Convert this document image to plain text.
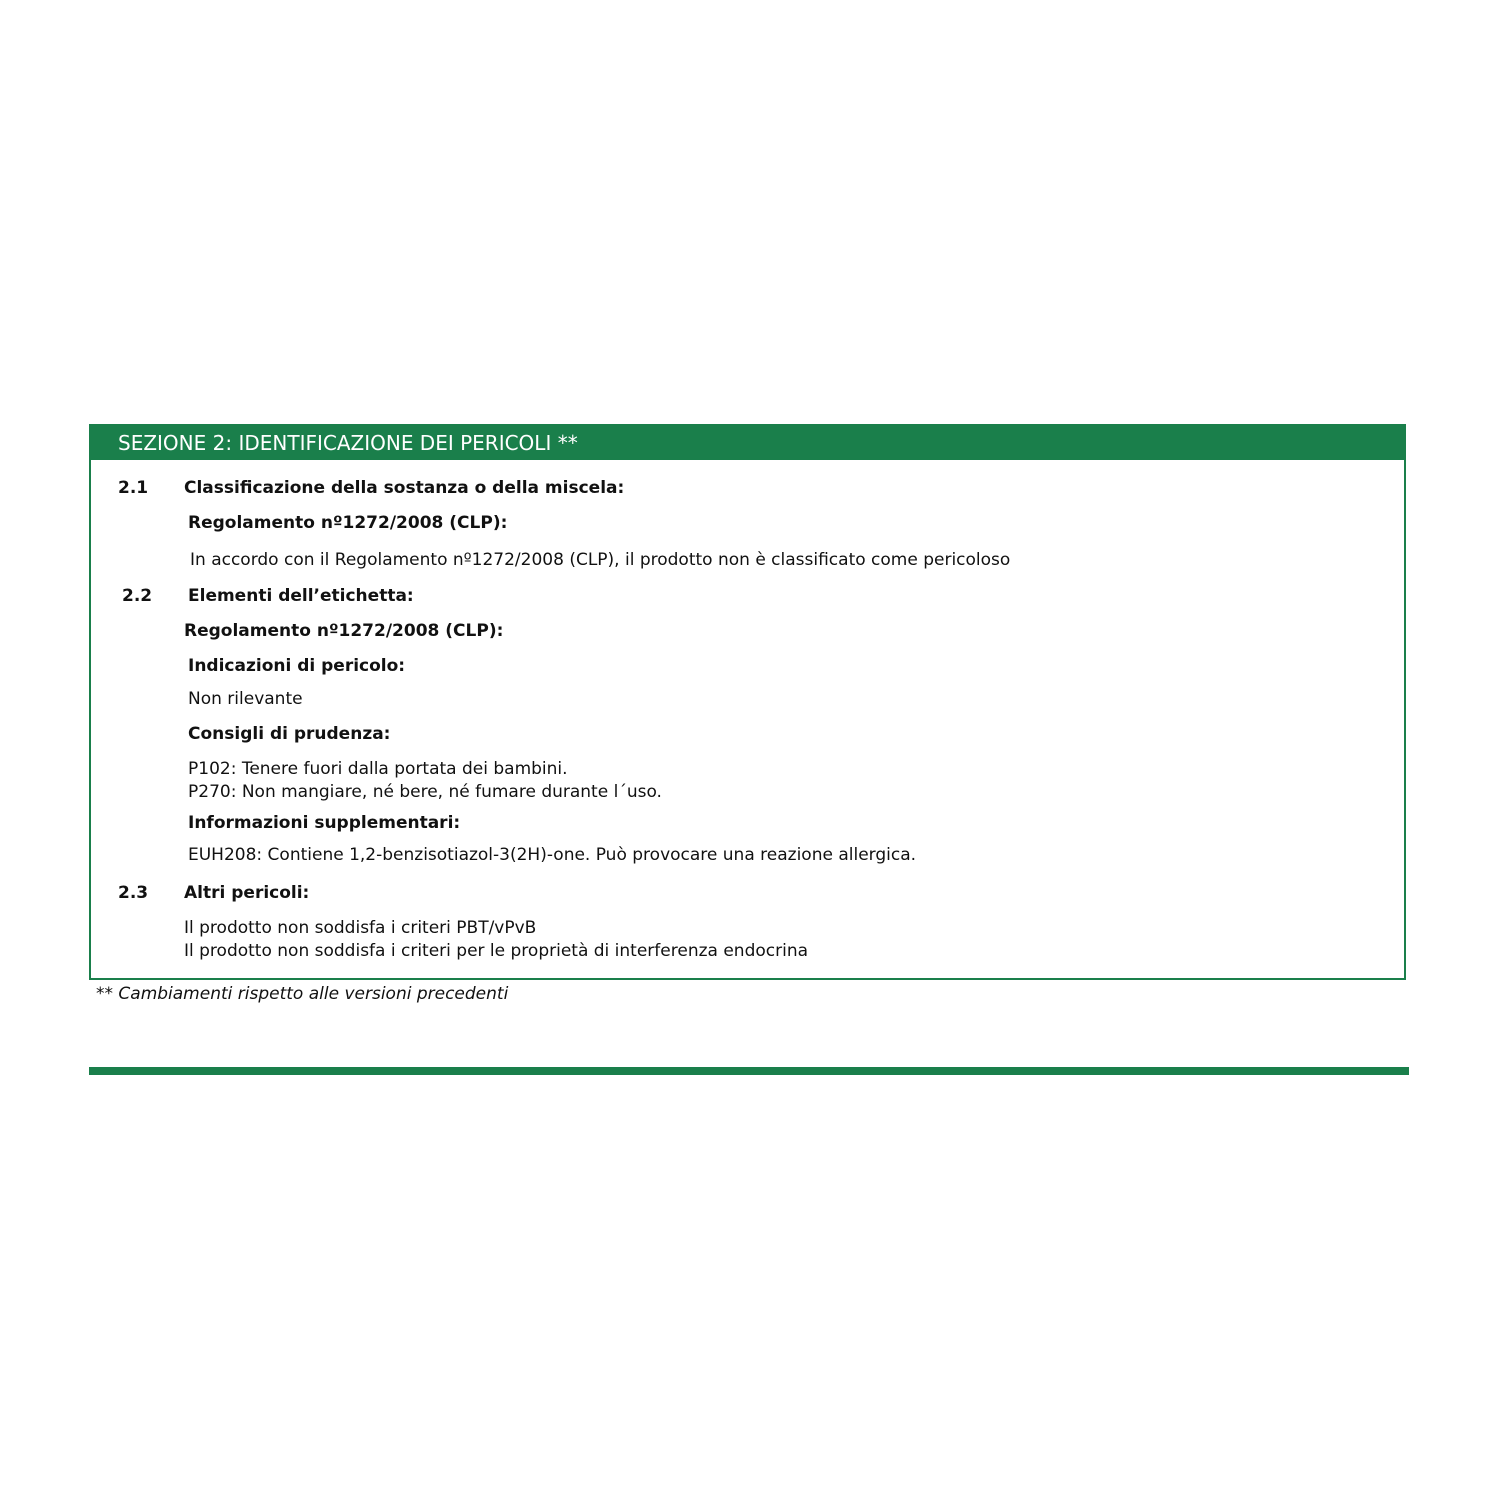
SEZIONE 2: IDENTIFICAZIONE DEI PERICOLI **
2.1 Classificazione della sostanza o della miscela:
Regolamento nº1272/2008 (CLP):
In accordo con il Regolamento nº1272/2008 (CLP), il prodotto non è classificato come pericoloso
2.2 Elementi dell’etichetta:
Regolamento nº1272/2008 (CLP):
Indicazioni di pericolo:
Non rilevante
Consigli di prudenza:
P102: Tenere fuori dalla portata dei bambini.
P270: Non mangiare, né bere, né fumare durante l´uso.
Informazioni supplementari:
EUH208: Contiene 1,2-benzisotiazol-3(2H)-one. Può provocare una reazione allergica.
2.3 Altri pericoli:
Il prodotto non soddisfa i criteri PBT/vPvB
Il prodotto non soddisfa i criteri per le proprietà di interferenza endocrina
** Cambiamenti rispetto alle versioni precedenti
